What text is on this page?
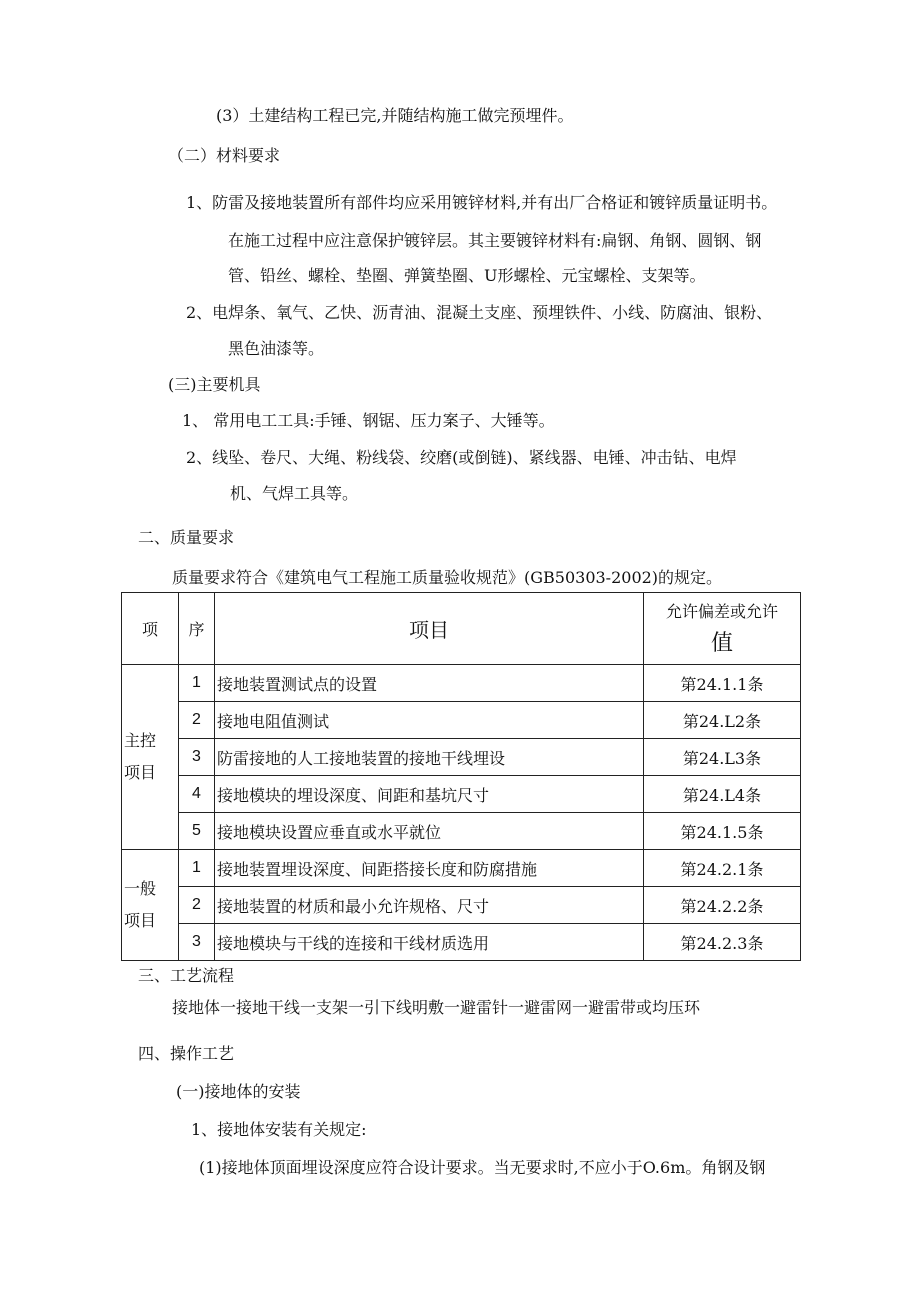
(3）土建结构工程已完,并随结构施工做完预埋件。
（二）材料要求
1、防雷及接地装置所有部件均应采用镀锌材料,并有出厂合格证和镀锌质量证明书。
在施工过程中应注意保护镀锌层。其主要镀锌材料有:扁钢、角钢、圆钢、钢
管、铅丝、螺栓、垫圈、弹簧垫圈、U形螺栓、元宝螺栓、支架等。
2、电焊条、氧气、乙快、沥青油、混凝土支座、预埋铁件、小线、防腐油、银粉、
黑色油漆等。
(三)主要机具
1、 常用电工工具:手锤、钢锯、压力案子、大锤等。
2、线坠、卷尺、大绳、粉线袋、绞磨(或倒链)、紧线器、电锤、冲击钻、电焊
机、气焊工具等。
二、质量要求
质量要求符合《建筑电气工程施工质量验收规范》(GB50303-2002)的规定。
项	序	项目	允许偏差或允许
值

主控
项目	1	接地装置测试点的设置	第24.1.1条
	2	接地电阻值测试	第24.L2条
	3	防雷接地的人工接地装置的接地干线埋设	第24.L3条
	4	接地模块的埋设深度、间距和基坑尺寸	第24.L4条
	5	接地模块设置应垂直或水平就位	第24.1.5条
一般
项目	1	接地装置埋设深度、间距搭接长度和防腐措施	第24.2.1条
	2	接地装置的材质和最小允许规格、尺寸	第24.2.2条
	3	接地模块与干线的连接和干线材质选用	第24.2.3条
三、工艺流程
接地体一接地干线一支架一引下线明敷一避雷针一避雷网一避雷带或均压环
四、操作工艺
(一)接地体的安装
1、接地体安装有关规定:
(1)接地体顶面埋设深度应符合设计要求。当无要求时,不应小于O.6m。角钢及钢
